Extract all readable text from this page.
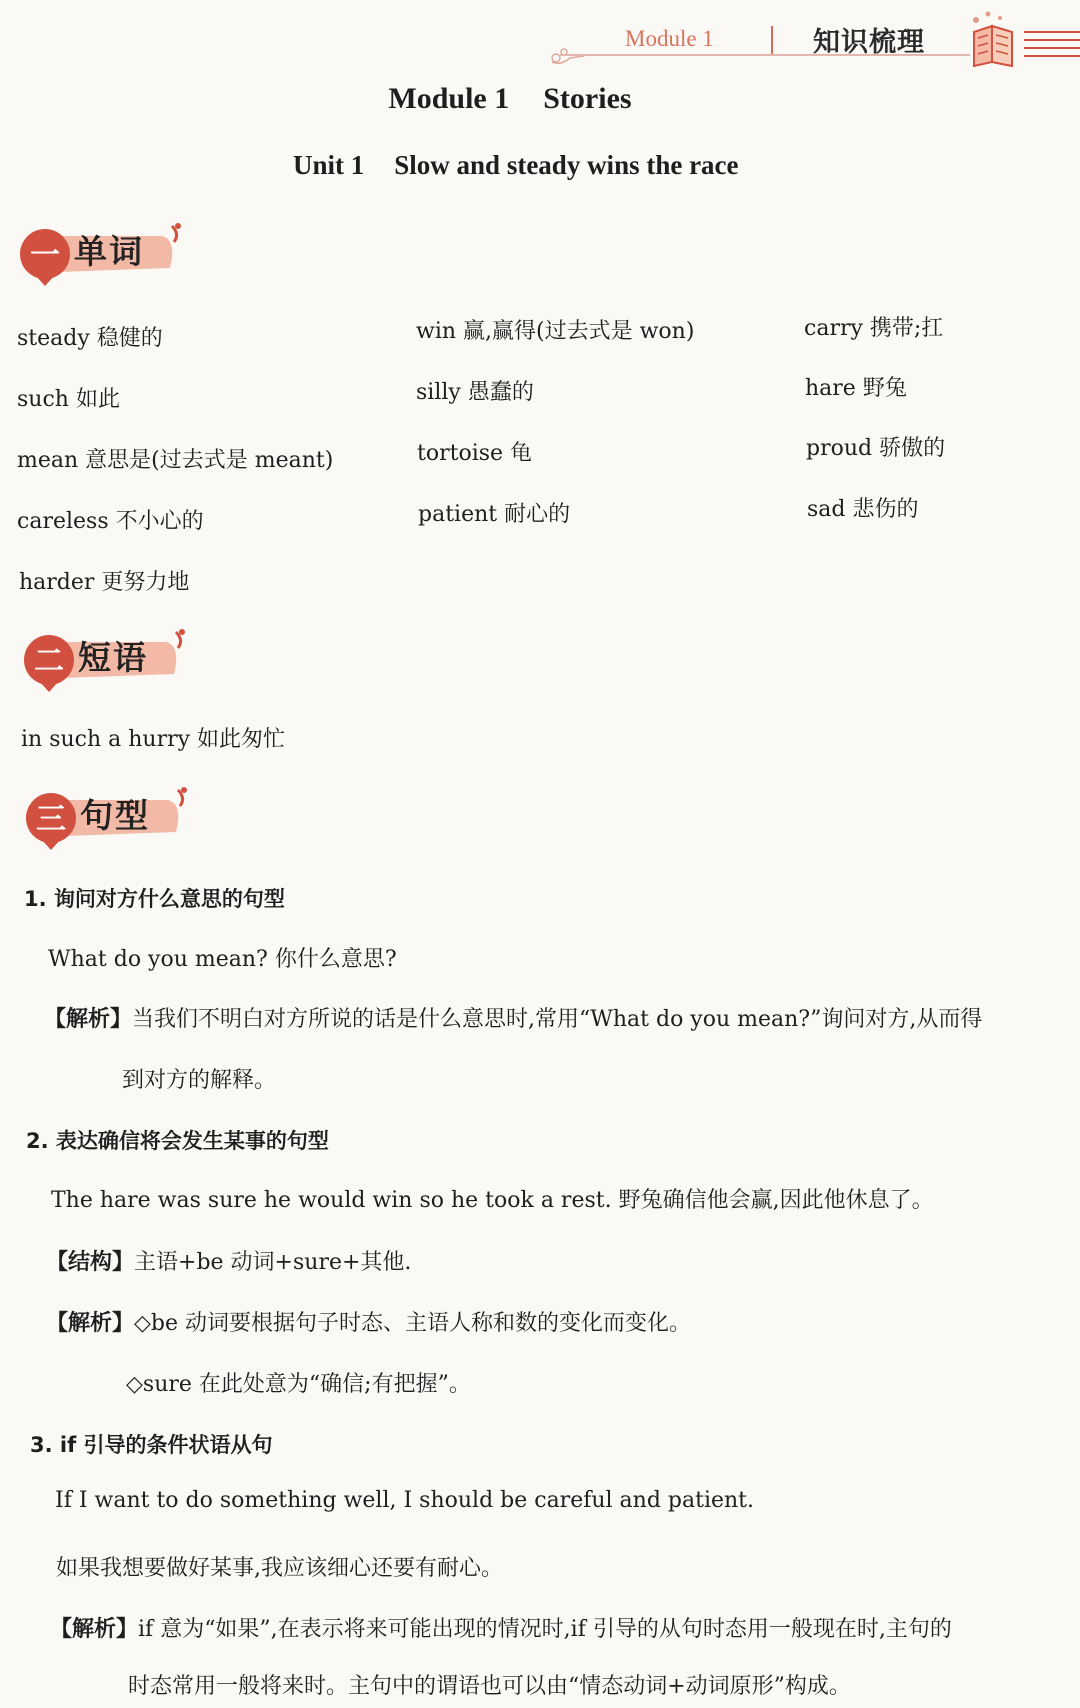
Module 1	知识梳理
Module 1 Stories
Unit 1 Slow and steady wins the race
一 单词
steady 稳健的
such 如此
mean 意思是(过去式是 meant)
careless 不小心的
harder 更努力地
win 赢,赢得(过去式是 won)
silly 愚蠢的
tortoise 龟
patient 耐心的
carry 携带;扛
hare 野兔
proud 骄傲的
sad 悲伤的
二 短语
in such a hurry 如此匆忙
三 句型
1. 询问对方什么意思的句型
What do you mean? 你什么意思?
【解析】当我们不明白对方所说的话是什么意思时,常用“What do you mean?”询问对方,从而得
到对方的解释。
2. 表达确信将会发生某事的句型
The hare was sure he would win so he took a rest. 野兔确信他会赢,因此他休息了。
【结构】主语+be 动词+sure+其他.
【解析】◇be 动词要根据句子时态、主语人称和数的变化而变化。
◇sure 在此处意为“确信;有把握”。
3. if 引导的条件状语从句
If I want to do something well, I should be careful and patient.
如果我想要做好某事,我应该细心还要有耐心。
【解析】if 意为“如果”,在表示将来可能出现的情况时,if 引导的从句时态用一般现在时,主句的
时态常用一般将来时。主句中的谓语也可以由“情态动词+动词原形”构成。
